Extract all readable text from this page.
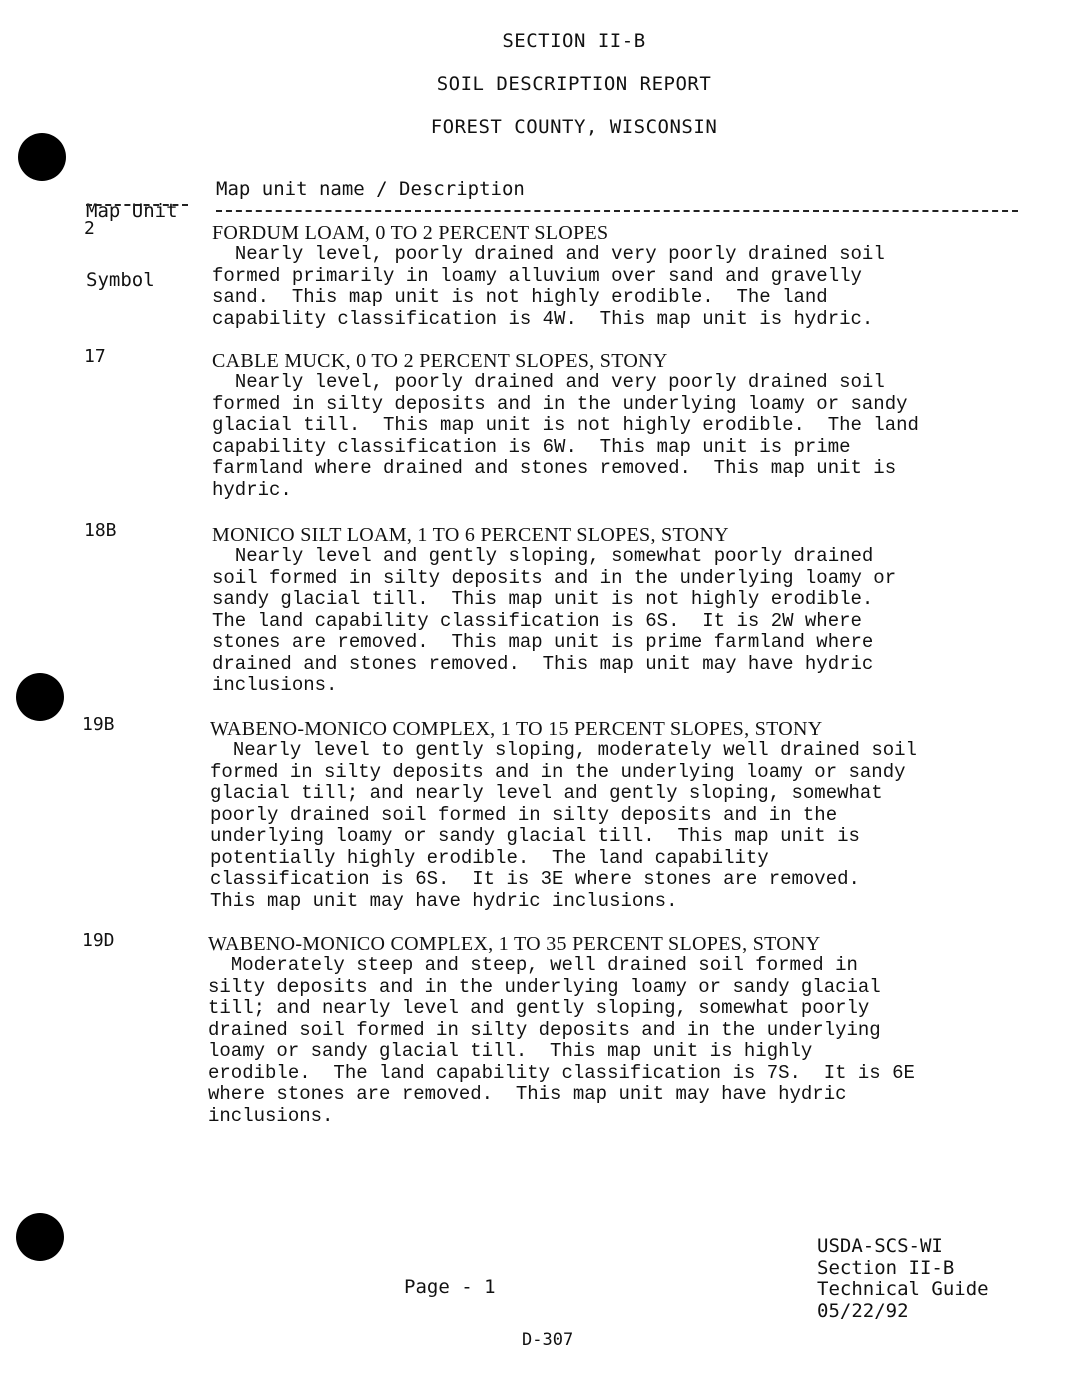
SECTION II-B
SOIL DESCRIPTION REPORT
FOREST COUNTY, WISCONSIN

Map Unit

Symbol

Map unit name / Description
2	FORDUM LOAM, 0 TO 2 PERCENT SLOPES
Nearly level, poorly drained and very poorly drained soil
formed primarily in loamy alluvium over sand and gravelly
sand.  This map unit is not highly erodible.  The land
capability classification is 4W.  This map unit is hydric.
17	CABLE MUCK, 0 TO 2 PERCENT SLOPES, STONY
Nearly level, poorly drained and very poorly drained soil
formed in silty deposits and in the underlying loamy or sandy
glacial till.  This map unit is not highly erodible.  The land
capability classification is 6W.  This map unit is prime
farmland where drained and stones removed.  This map unit is
hydric.
18B	MONICO SILT LOAM, 1 TO 6 PERCENT SLOPES, STONY
Nearly level and gently sloping, somewhat poorly drained
soil formed in silty deposits and in the underlying loamy or
sandy glacial till.  This map unit is not highly erodible.
The land capability classification is 6S.  It is 2W where
stones are removed.  This map unit is prime farmland where
drained and stones removed.  This map unit may have hydric
inclusions.
19B	WABENO-MONICO COMPLEX, 1 TO 15 PERCENT SLOPES, STONY
Nearly level to gently sloping, moderately well drained soil
formed in silty deposits and in the underlying loamy or sandy
glacial till; and nearly level and gently sloping, somewhat
poorly drained soil formed in silty deposits and in the
underlying loamy or sandy glacial till.  This map unit is
potentially highly erodible.  The land capability
classification is 6S.  It is 3E where stones are removed.
This map unit may have hydric inclusions.
19D	WABENO-MONICO COMPLEX, 1 TO 35 PERCENT SLOPES, STONY
Moderately steep and steep, well drained soil formed in
silty deposits and in the underlying loamy or sandy glacial
till; and nearly level and gently sloping, somewhat poorly
drained soil formed in silty deposits and in the underlying
loamy or sandy glacial till.  This map unit is highly
erodible.  The land capability classification is 7S.  It is 6E
where stones are removed.  This map unit may have hydric
inclusions.
Page - 1
USDA-SCS-WI
Section II-B
Technical Guide
05/22/92
D-307
